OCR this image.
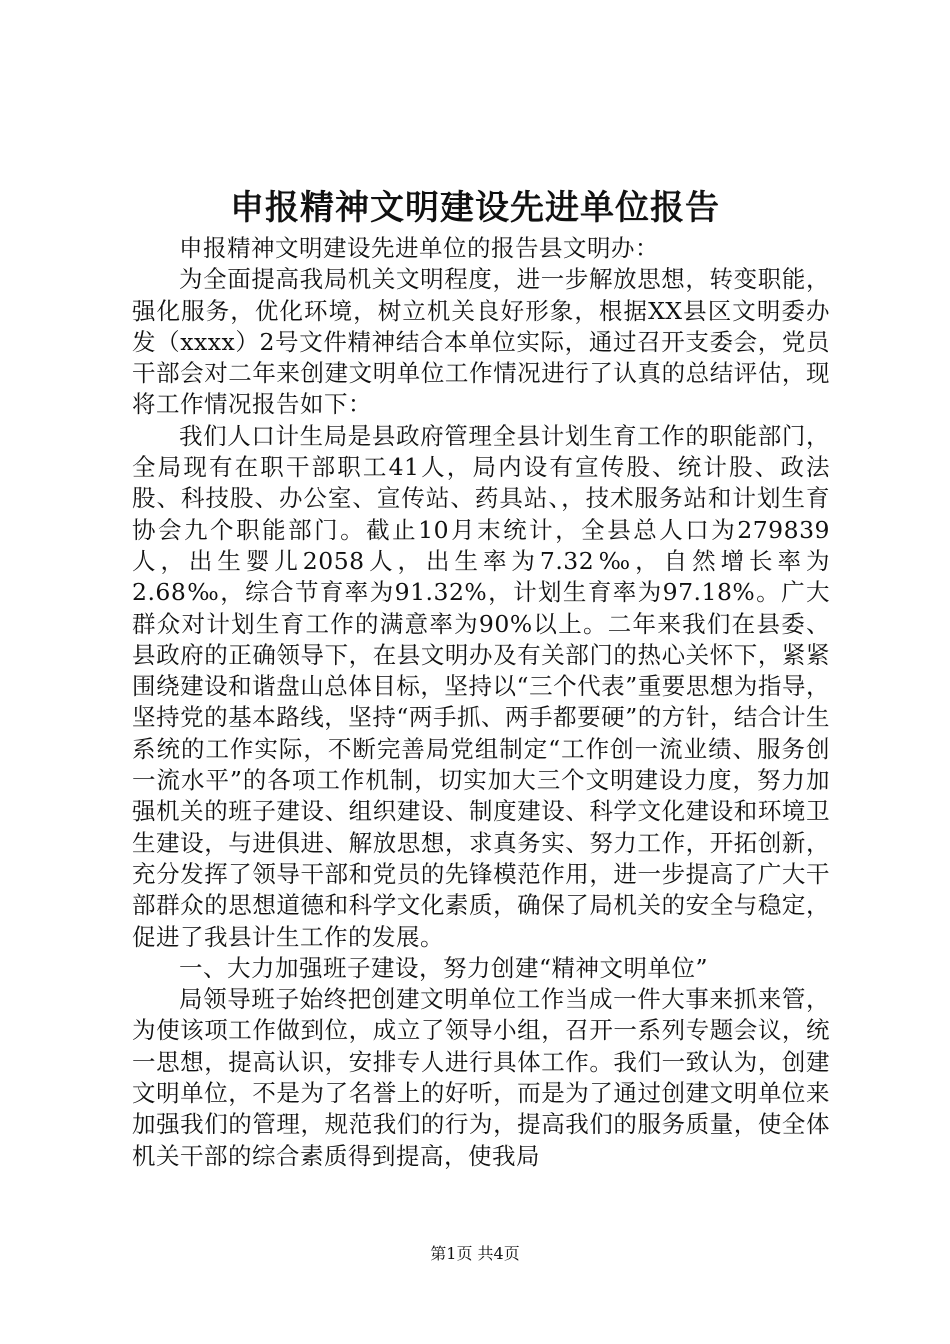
申报精神文明建设先进单位报告

申报精神文明建设先进单位的报告县文明办：

为全面提高我局机关文明程度，进一步解放思想，转变职能，强化服务，优化环境，树立机关良好形象，根据XX县区文明委办发（xxxx）2号文件精神结合本单位实际，通过召开支委会，党员干部会对二年来创建文明单位工作情况进行了认真的总结评估，现将工作情况报告如下：

我们人口计生局是县政府管理全县计划生育工作的职能部门，全局现有在职干部职工41人，局内设有宣传股、统计股、政法股、科技股、办公室、宣传站、药具站、，技术服务站和计划生育协会九个职能部门。截止10月末统计，全县总人口为279839人，出生婴儿2058人，出生率为7.32‰，自然增长率为2.68‰，综合节育率为91.32%，计划生育率为97.18%。广大群众对计划生育工作的满意率为90%以上。二年来我们在县委、县政府的正确领导下，在县文明办及有关部门的热心关怀下，紧紧围绕建设和谐盘山总体目标，坚持以“三个代表”重要思想为指导，坚持党的基本路线，坚持“两手抓、两手都要硬”的方针，结合计生系统的工作实际，不断完善局党组制定“工作创一流业绩、服务创一流水平”的各项工作机制，切实加大三个文明建设力度，努力加强机关的班子建设、组织建设、制度建设、科学文化建设和环境卫生建设，与进俱进、解放思想，求真务实、努力工作，开拓创新，充分发挥了领导干部和党员的先锋模范作用，进一步提高了广大干部群众的思想道德和科学文化素质，确保了局机关的安全与稳定，促进了我县计生工作的发展。

一、大力加强班子建设，努力创建“精神文明单位”

局领导班子始终把创建文明单位工作当成一件大事来抓来管，为使该项工作做到位，成立了领导小组，召开一系列专题会议，统一思想，提高认识，安排专人进行具体工作。我们一致认为，创建文明单位，不是为了名誉上的好听，而是为了通过创建文明单位来加强我们的管理，规范我们的行为，提高我们的服务质量，使全体机关干部的综合素质得到提高，使我局

第1页 共4页
